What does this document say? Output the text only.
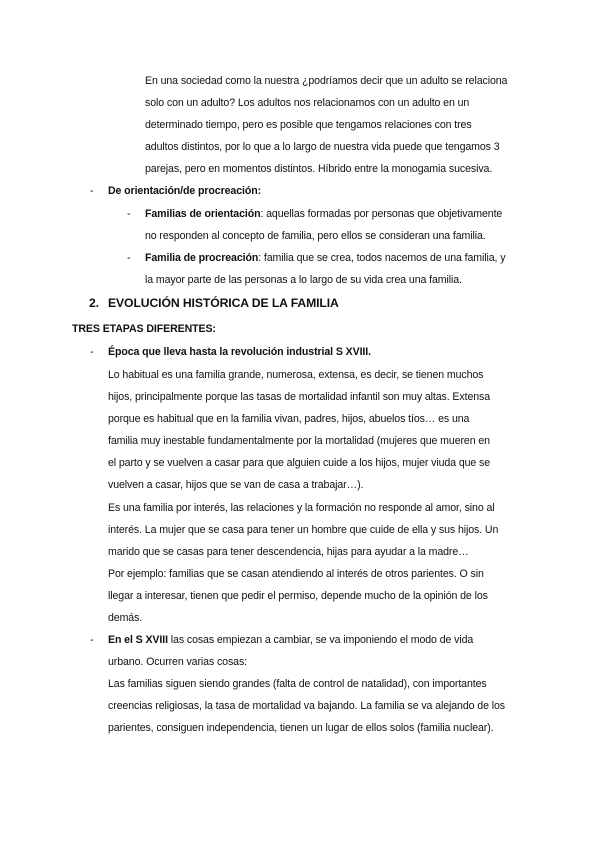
En una sociedad como la nuestra ¿podríamos decir que un adulto se relaciona
solo con un adulto? Los adultos nos relacionamos con un adulto en un
determinado tiempo, pero es posible que tengamos relaciones con tres
adultos distintos, por lo que a lo largo de nuestra vida puede que tengamos 3
parejas, pero en momentos distintos. Híbrido entre la monogamia sucesiva.
- De orientación/de procreación:
- Familias de orientación: aquellas formadas por personas que objetivamente
no responden al concepto de familia, pero ellos se consideran una familia.
- Familia de procreación: familia que se crea, todos nacemos de una familia, y
la mayor parte de las personas a lo largo de su vida crea una familia.
2. EVOLUCIÓN HISTÓRICA DE LA FAMILIA
TRES ETAPAS DIFERENTES:
- Época que lleva hasta la revolución industrial S XVIII.
Lo habitual es una familia grande, numerosa, extensa, es decir, se tienen muchos
hijos, principalmente porque las tasas de mortalidad infantil son muy altas. Extensa
porque es habitual que en la familia vivan, padres, hijos, abuelos tíos… es una
familia muy inestable fundamentalmente por la mortalidad (mujeres que mueren en
el parto y se vuelven a casar para que alguien cuide a los hijos, mujer viuda que se
vuelven a casar, hijos que se van de casa a trabajar…).
Es una familia por interés, las relaciones y la formación no responde al amor, sino al
interés. La mujer que se casa para tener un hombre que cuide de ella y sus hijos. Un
marido que se casas para tener descendencia, hijas para ayudar a la madre…
Por ejemplo: familias que se casan atendiendo al interés de otros parientes. O sin
llegar a interesar, tienen que pedir el permiso, depende mucho de la opinión de los
demás.
- En el S XVIII las cosas empiezan a cambiar, se va imponiendo el modo de vida
urbano. Ocurren varias cosas:
Las familias siguen siendo grandes (falta de control de natalidad), con importantes
creencias religiosas, la tasa de mortalidad va bajando. La familia se va alejando de los
parientes, consiguen independencia, tienen un lugar de ellos solos (familia nuclear).
